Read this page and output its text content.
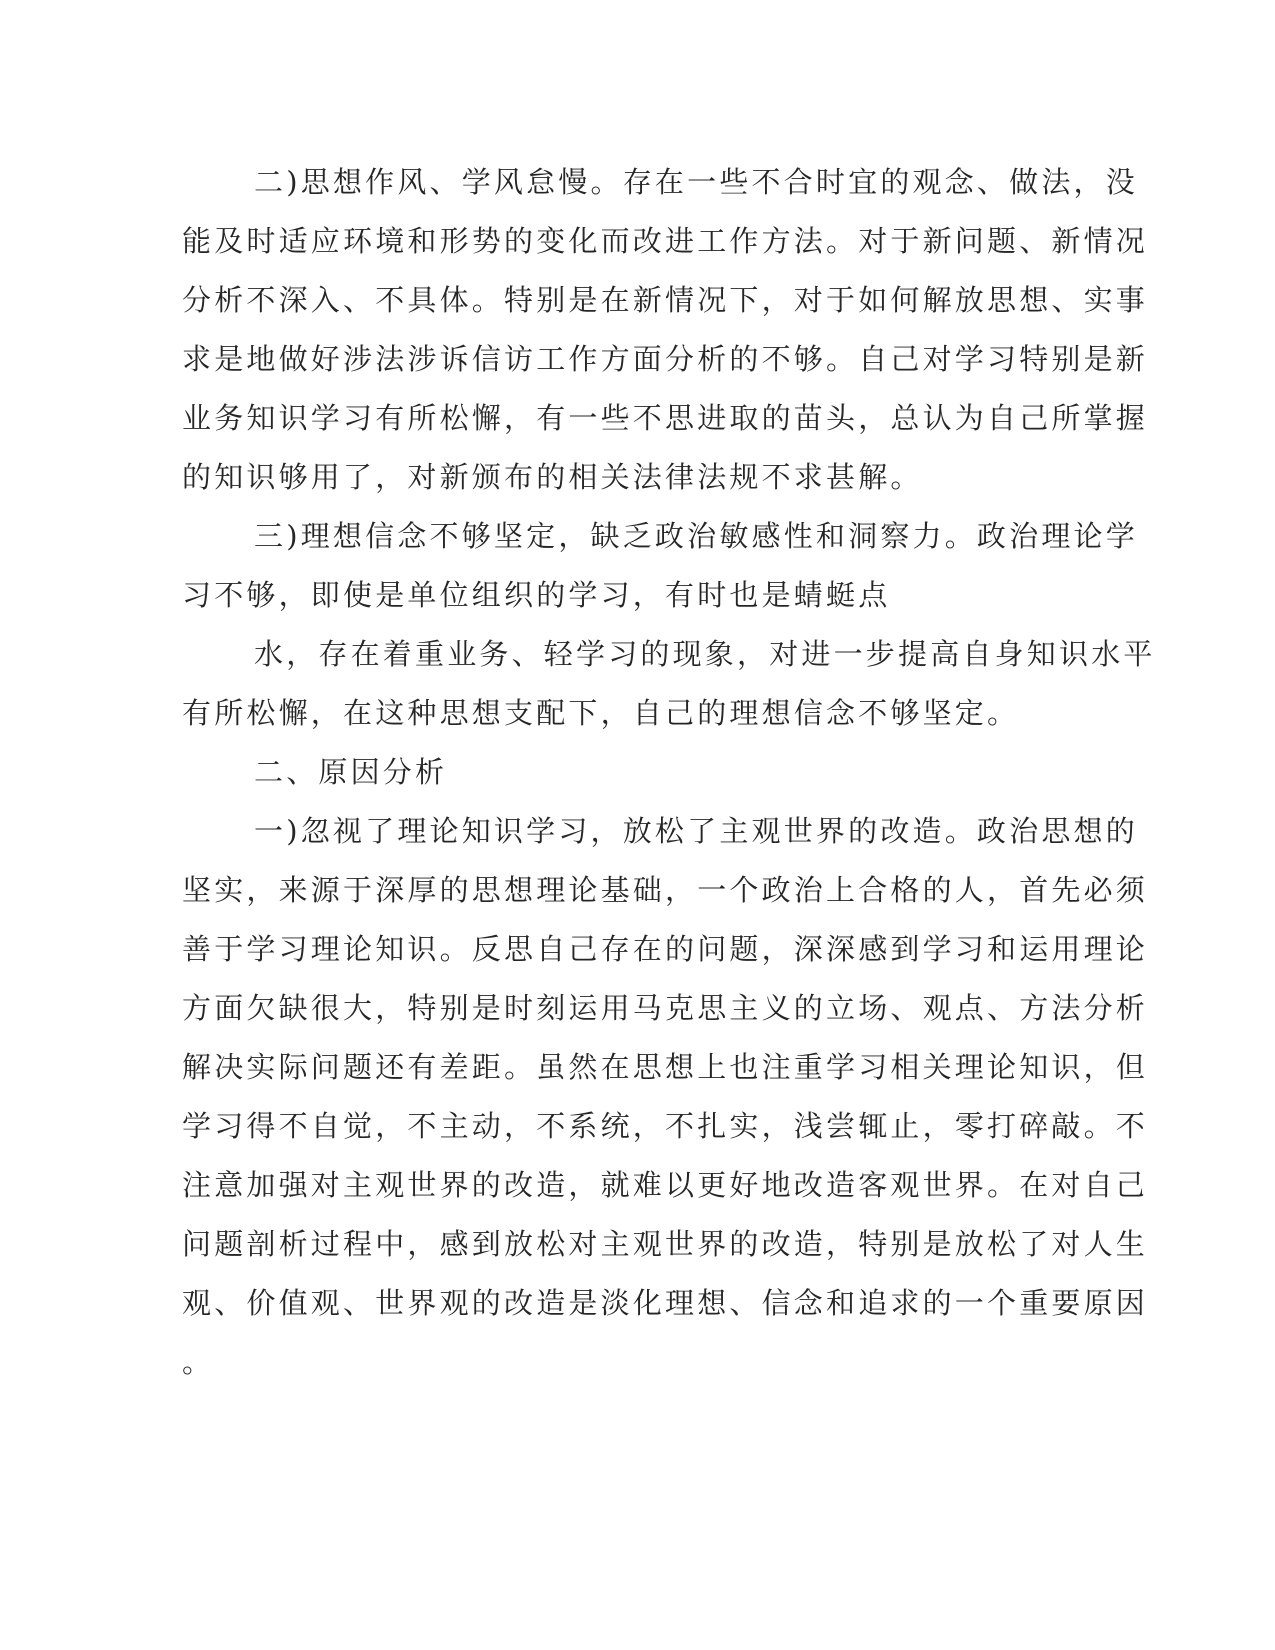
二)思想作风、学风怠慢。存在一些不合时宜的观念、做法，没

能及时适应环境和形势的变化而改进工作方法。对于新问题、新情况

分析不深入、不具体。特别是在新情况下，对于如何解放思想、实事

求是地做好涉法涉诉信访工作方面分析的不够。自己对学习特别是新

业务知识学习有所松懈，有一些不思进取的苗头，总认为自己所掌握

的知识够用了，对新颁布的相关法律法规不求甚解。

三)理想信念不够坚定，缺乏政治敏感性和洞察力。政治理论学

习不够，即使是单位组织的学习，有时也是蜻蜓点

水，存在着重业务、轻学习的现象，对进一步提高自身知识水平

有所松懈，在这种思想支配下，自己的理想信念不够坚定。

二、原因分析

一)忽视了理论知识学习，放松了主观世界的改造。政治思想的

坚实，来源于深厚的思想理论基础，一个政治上合格的人，首先必须

善于学习理论知识。反思自己存在的问题，深深感到学习和运用理论

方面欠缺很大，特别是时刻运用马克思主义的立场、观点、方法分析

解决实际问题还有差距。虽然在思想上也注重学习相关理论知识，但

学习得不自觉，不主动，不系统，不扎实，浅尝辄止，零打碎敲。不

注意加强对主观世界的改造，就难以更好地改造客观世界。在对自己

问题剖析过程中，感到放松对主观世界的改造，特别是放松了对人生

观、价值观、世界观的改造是淡化理想、信念和追求的一个重要原因

。
